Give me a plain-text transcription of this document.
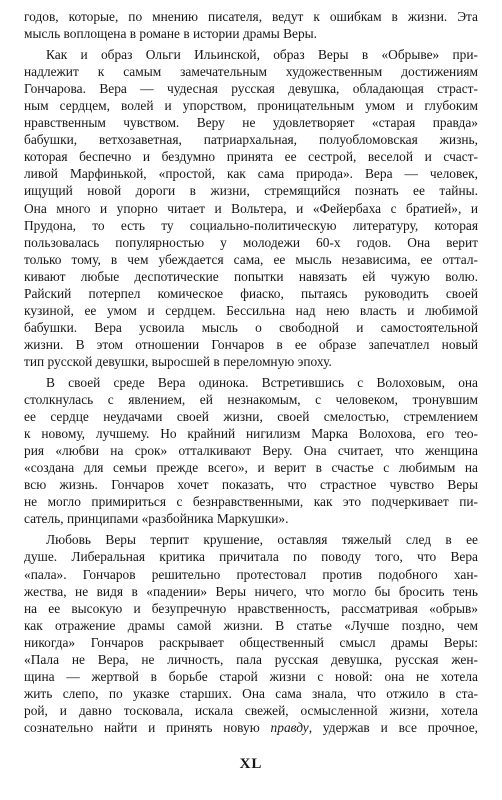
годов, которые, по мнению писателя, ведут к ошибкам в жизни. Эта
мысль воплощена в романе в истории драмы Веры.

Как и образ Ольги Ильинской, образ Веры в «Обрыве» при-
надлежит к самым замечательным художественным достижениям
Гончарова. Вера — чудесная русская девушка, обладающая страст-
ным сердцем, волей и упорством, проницательным умом и глубоким
нравственным чувством. Веру не удовлетворяет «старая правда»
бабушки, ветхозаветная, патриархальная, полуобломовская жизнь,
которая беспечно и бездумно принята ее сестрой, веселой и счаст-
ливой Марфинькой, «простой, как сама природа». Вера — человек,
ищущий новой дороги в жизни, стремящийся познать ее тайны.
Она много и упорно читает и Вольтера, и «Фейербаха с братией», и
Прудона, то есть ту социально-политическую литературу, которая
пользовалась популярностью у молодежи 60-х годов. Она верит
только тому, в чем убеждается сама, ее мысль независима, ее оттал-
кивают любые деспотические попытки навязать ей чужую волю.
Райский потерпел комическое фиаско, пытаясь руководить своей
кузиной, ее умом и сердцем. Бессильна над нею власть и любимой
бабушки. Вера усвоила мысль о свободной и самостоятельной
жизни. В этом отношении Гончаров в ее образе запечатлел новый
тип русской девушки, выросшей в переломную эпоху.

В своей среде Вера одинока. Встретившись с Волоховым, она
столкнулась с явлением, ей незнакомым, с человеком, тронувшим
ее сердце неудачами своей жизни, своей смелостью, стремлением
к новому, лучшему. Но крайний нигилизм Марка Волохова, его тео-
рия «любви на срок» отталкивают Веру. Она считает, что женщина
«создана для семьи прежде всего», и верит в счастье с любимым на
всю жизнь. Гончаров хочет показать, что страстное чувство Веры
не могло примириться с безнравственными, как это подчеркивает пи-
сатель, принципами «разбойника Маркушки».

Любовь Веры терпит крушение, оставляя тяжелый след в ее
душе. Либеральная критика причитала по поводу того, что Вера
«пала». Гончаров решительно протестовал против подобного хан-
жества, не видя в «падении» Веры ничего, что могло бы бросить тень
на ее высокую и безупречную нравственность, рассматривая «обрыв»
как отражение драмы самой жизни. В статье «Лучше поздно, чем
никогда» Гончаров раскрывает общественный смысл драмы Веры:
«Пала не Вера, не личность, пала русская девушка, русская жен-
щина — жертвой в борьбе старой жизни с новой: она не хотела
жить слепо, по указке старших. Она сама знала, что отжило в ста-
рой, и давно тосковала, искала свежей, осмысленной жизни, хотела
сознательно найти и принять новую правду, удержав и все прочное,

XL
